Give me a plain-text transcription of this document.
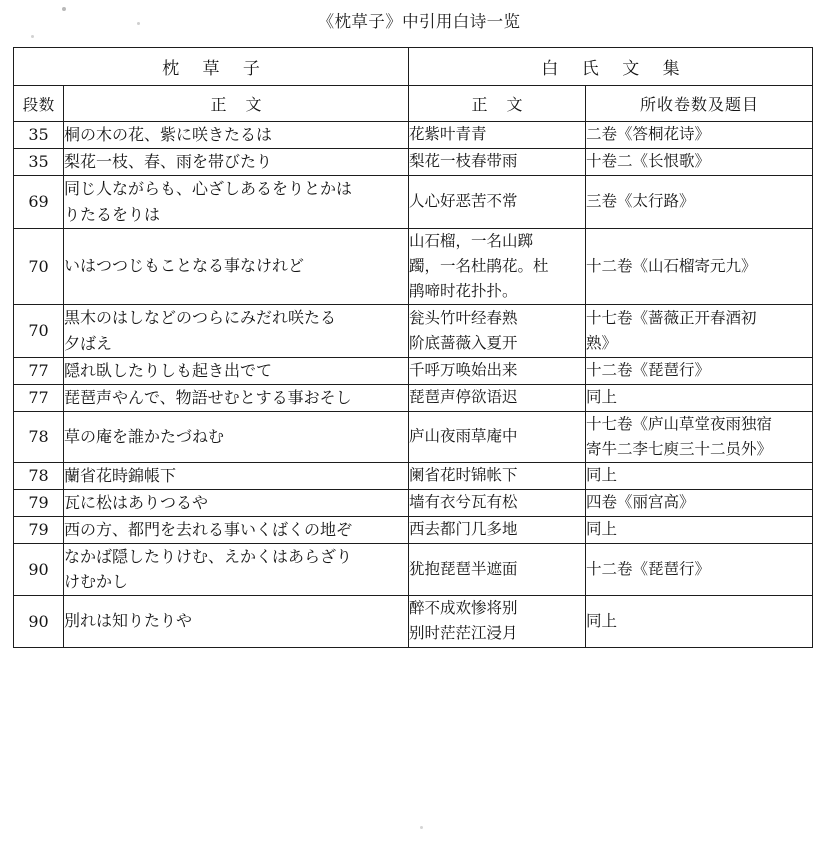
《枕草子》中引用白诗一览
枕 草 子		白 氏 文 集	
段数	正 文	正 文	所收卷数及题目
35	桐の木の花、紫に咲きたるは	花紫叶青青	二卷《答桐花诗》

35	梨花一枝、春、雨を帯びたり	梨花一枝春带雨	十卷二《长恨歌》

69	同じ人ながらも、心ざしあるをりとかは
りたるをりは	人心好恶苦不常	三卷《太行路》

70	いはつつじもことなる事なけれど	山石榴，一名山踯
躅，一名杜鹃花。杜
鹃啼时花扑扑。	十二卷《山石榴寄元九》

70	黒木のはしなどのつらにみだれ咲たる
夕ばえ	瓮头竹叶经春熟
阶底蔷薇入夏开	十七卷《蔷薇正开春酒初
熟》

77	隠れ臥したりしも起き出でて	千呼万唤始出来	十二卷《琵琶行》

77	琵琶声やんで、物語せむとする事おそし	琵琶声停欲语迟	同上

78	草の庵を誰かたづねむ	庐山夜雨草庵中	十七卷《庐山草堂夜雨独宿
寄牛二李七庾三十二员外》

78	蘭省花時錦帳下	阑省花时锦帐下	同上

79	瓦に松はありつるや	墙有衣兮瓦有松	四卷《丽宫高》

79	西の方、都門を去れる事いくばくの地ぞ	西去都门几多地	同上

90	なかば隠したりけむ、えかくはあらざり
けむかし	犹抱琵琶半遮面	十二卷《琵琶行》

90	別れは知りたりや	醉不成欢惨将别
别时茫茫江浸月	同上
